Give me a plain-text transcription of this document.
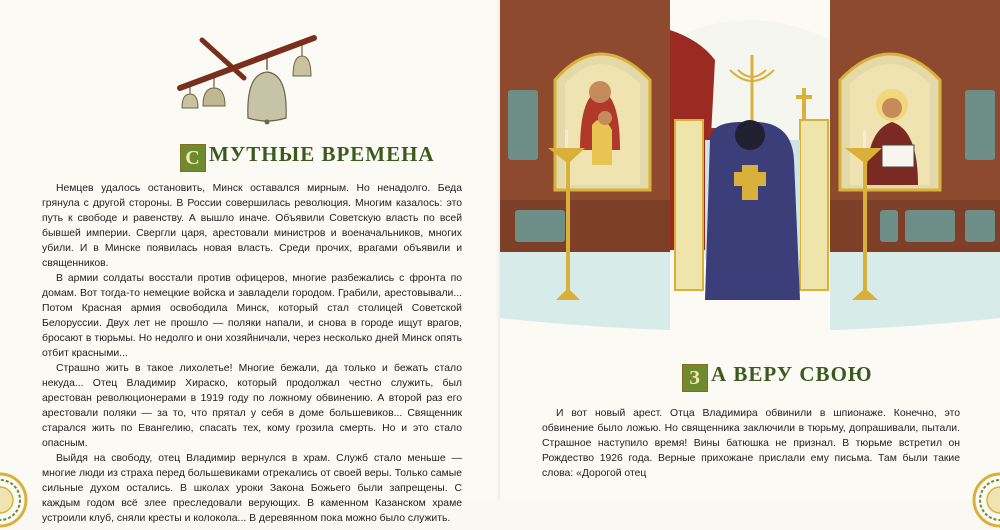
С МУТНЫЕ ВРЕМЕНА

Немцев удалось остановить, Минск оставался мирным. Но ненадолго. Беда грянула с другой стороны. В России совершилась революция. Многим казалось: это путь к свободе и равенству. А вышло иначе. Объявили Советскую власть по всей бывшей империи. Свергли царя, арестовали министров и военачальников, многих убили. И в Минске появилась новая власть. Среди прочих, врагами объявили и священников.

В армии солдаты восстали против офицеров, многие разбежались с фронта по домам. Вот тогда-то немецкие войска и завладели городом. Грабили, арестовывали... Потом Красная армия освободила Минск, который стал столицей Советской Белоруссии. Двух лет не прошло — поляки напали, и снова в городе ищут врагов, бросают в тюрьмы. Но недолго и они хозяйничали, через несколько дней Минск опять отбит красными...

Страшно жить в такое лихолетье! Многие бежали, да только и бежать стало некуда... Отец Владимир Хираско, который продолжал честно служить, был арестован революционерами в 1919 году по ложному обвинению. А второй раз его арестовали поляки — за то, что прятал у себя в доме большевиков... Священник старался жить по Евангелию, спасать тех, кому грозила смерть. Но и это стало опасным.

Выйдя на свободу, отец Владимир вернулся в храм. Служб стало меньше — многие люди из страха перед большевиками отрекались от своей веры. Только самые сильные духом остались. В школах уроки Закона Божьего были запрещены. С каждым годом всё злее преследовали верующих. В каменном Казанском храме устроили клуб, сняли кресты и колокола... В деревянном пока можно было служить.

З А ВЕРУ СВОЮ

И вот новый арест. Отца Владимира обвинили в шпионаже. Конечно, это обвинение было ложью. Но священника заключили в тюрьму, допрашивали, пытали. Страшное наступило время! Вины батюшка не признал. В тюрьме встретил он Рождество 1926 года. Верные прихожане прислали ему письма. Там были такие слова: «Дорогой отец
